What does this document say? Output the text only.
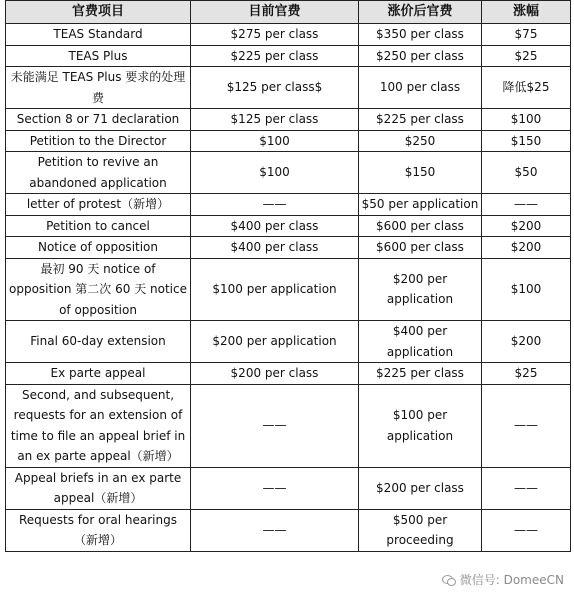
官费项目	目前官费	涨价后官费	涨幅
TEAS Standard	$275 per class	$350 per class	$75
TEAS Plus	$225 per class	$250 per class	$25
未能满足 TEAS Plus 要求的处理费	$125 per class$	100 per class	降低$25
Section 8 or 71 declaration	$125 per class	$225 per class	$100
Petition to the Director	$100	$250	$150
Petition to revive an abandoned application	$100	$150	$50
letter of protest（新增）	——	$50 per application	——
Petition to cancel	$400 per class	$600 per class	$200
Notice of opposition	$400 per class	$600 per class	$200
最初 90 天 notice of opposition 第二次 60 天 notice of opposition	$100 per application	$200 per application	$100
Final 60-day extension	$200 per application	$400 per application	$200
Ex parte appeal	$200 per class	$225 per class	$25
Second, and subsequent, requests for an extension of time to file an appeal brief in an ex parte appeal（新增）	——	$100 per application	——
Appeal briefs in an ex parte appeal（新增）	——	$200 per class	——
Requests for oral hearings（新增）	——	$500 per proceeding	——
微信号: DomeeCN
